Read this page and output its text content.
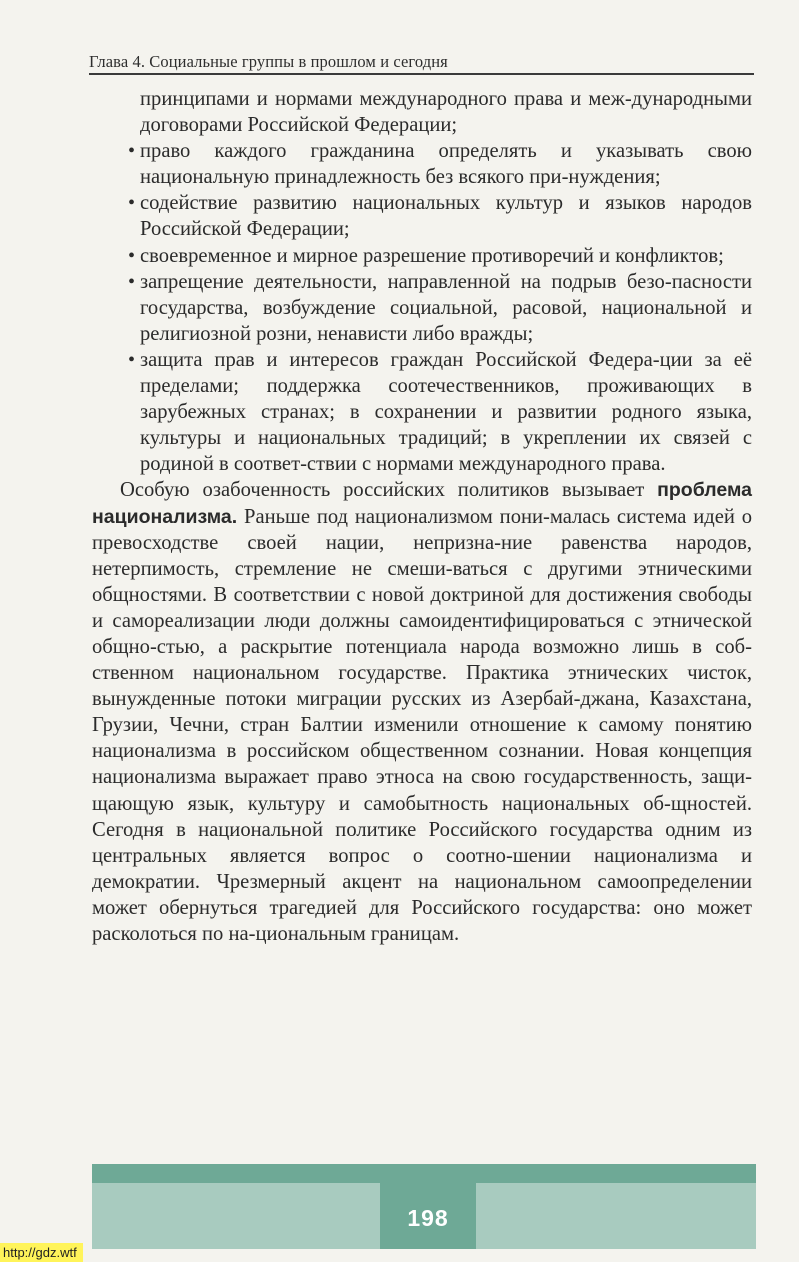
Глава 4. Социальные группы в прошлом и сегодня

принципами и нормами международного права и меж-дународными договорами Российской Федерации;

• право каждого гражданина определять и указывать свою национальную принадлежность без всякого при-нуждения;
• содействие развитию национальных культур и языков народов Российской Федерации;
• своевременное и мирное разрешение противоречий и конфликтов;
• запрещение деятельности, направленной на подрыв безо-пасности государства, возбуждение социальной, расовой, национальной и религиозной розни, ненависти либо вражды;
• защита прав и интересов граждан Российской Федера-ции за её пределами; поддержка соотечественников, проживающих в зарубежных странах; в сохранении и развитии родного языка, культуры и национальных традиций; в укреплении их связей с родиной в соответ-ствии с нормами международного права.

Особую озабоченность российских политиков вызывает проблема национализма. Раньше под национализмом пони-малась система идей о превосходстве своей нации, непризна-ние равенства народов, нетерпимость, стремление не смеши-ваться с другими этническими общностями. В соответствии с новой доктриной для достижения свободы и самореализации люди должны самоидентифицироваться с этнической общно-стью, а раскрытие потенциала народа возможно лишь в соб-ственном национальном государстве. Практика этнических чисток, вынужденные потоки миграции русских из Азербай-джана, Казахстана, Грузии, Чечни, стран Балтии изменили отношение к самому понятию национализма в российском общественном сознании. Новая концепция национализма выражает право этноса на свою государственность, защи-щающую язык, культуру и самобытность национальных об-щностей. Сегодня в национальной политике Российского государства одним из центральных является вопрос о соотно-шении национализма и демократии. Чрезмерный акцент на национальном самоопределении может обернуться трагедией для Российского государства: оно может расколоться по на-циональным границам.

198
http://gdz.wtf
